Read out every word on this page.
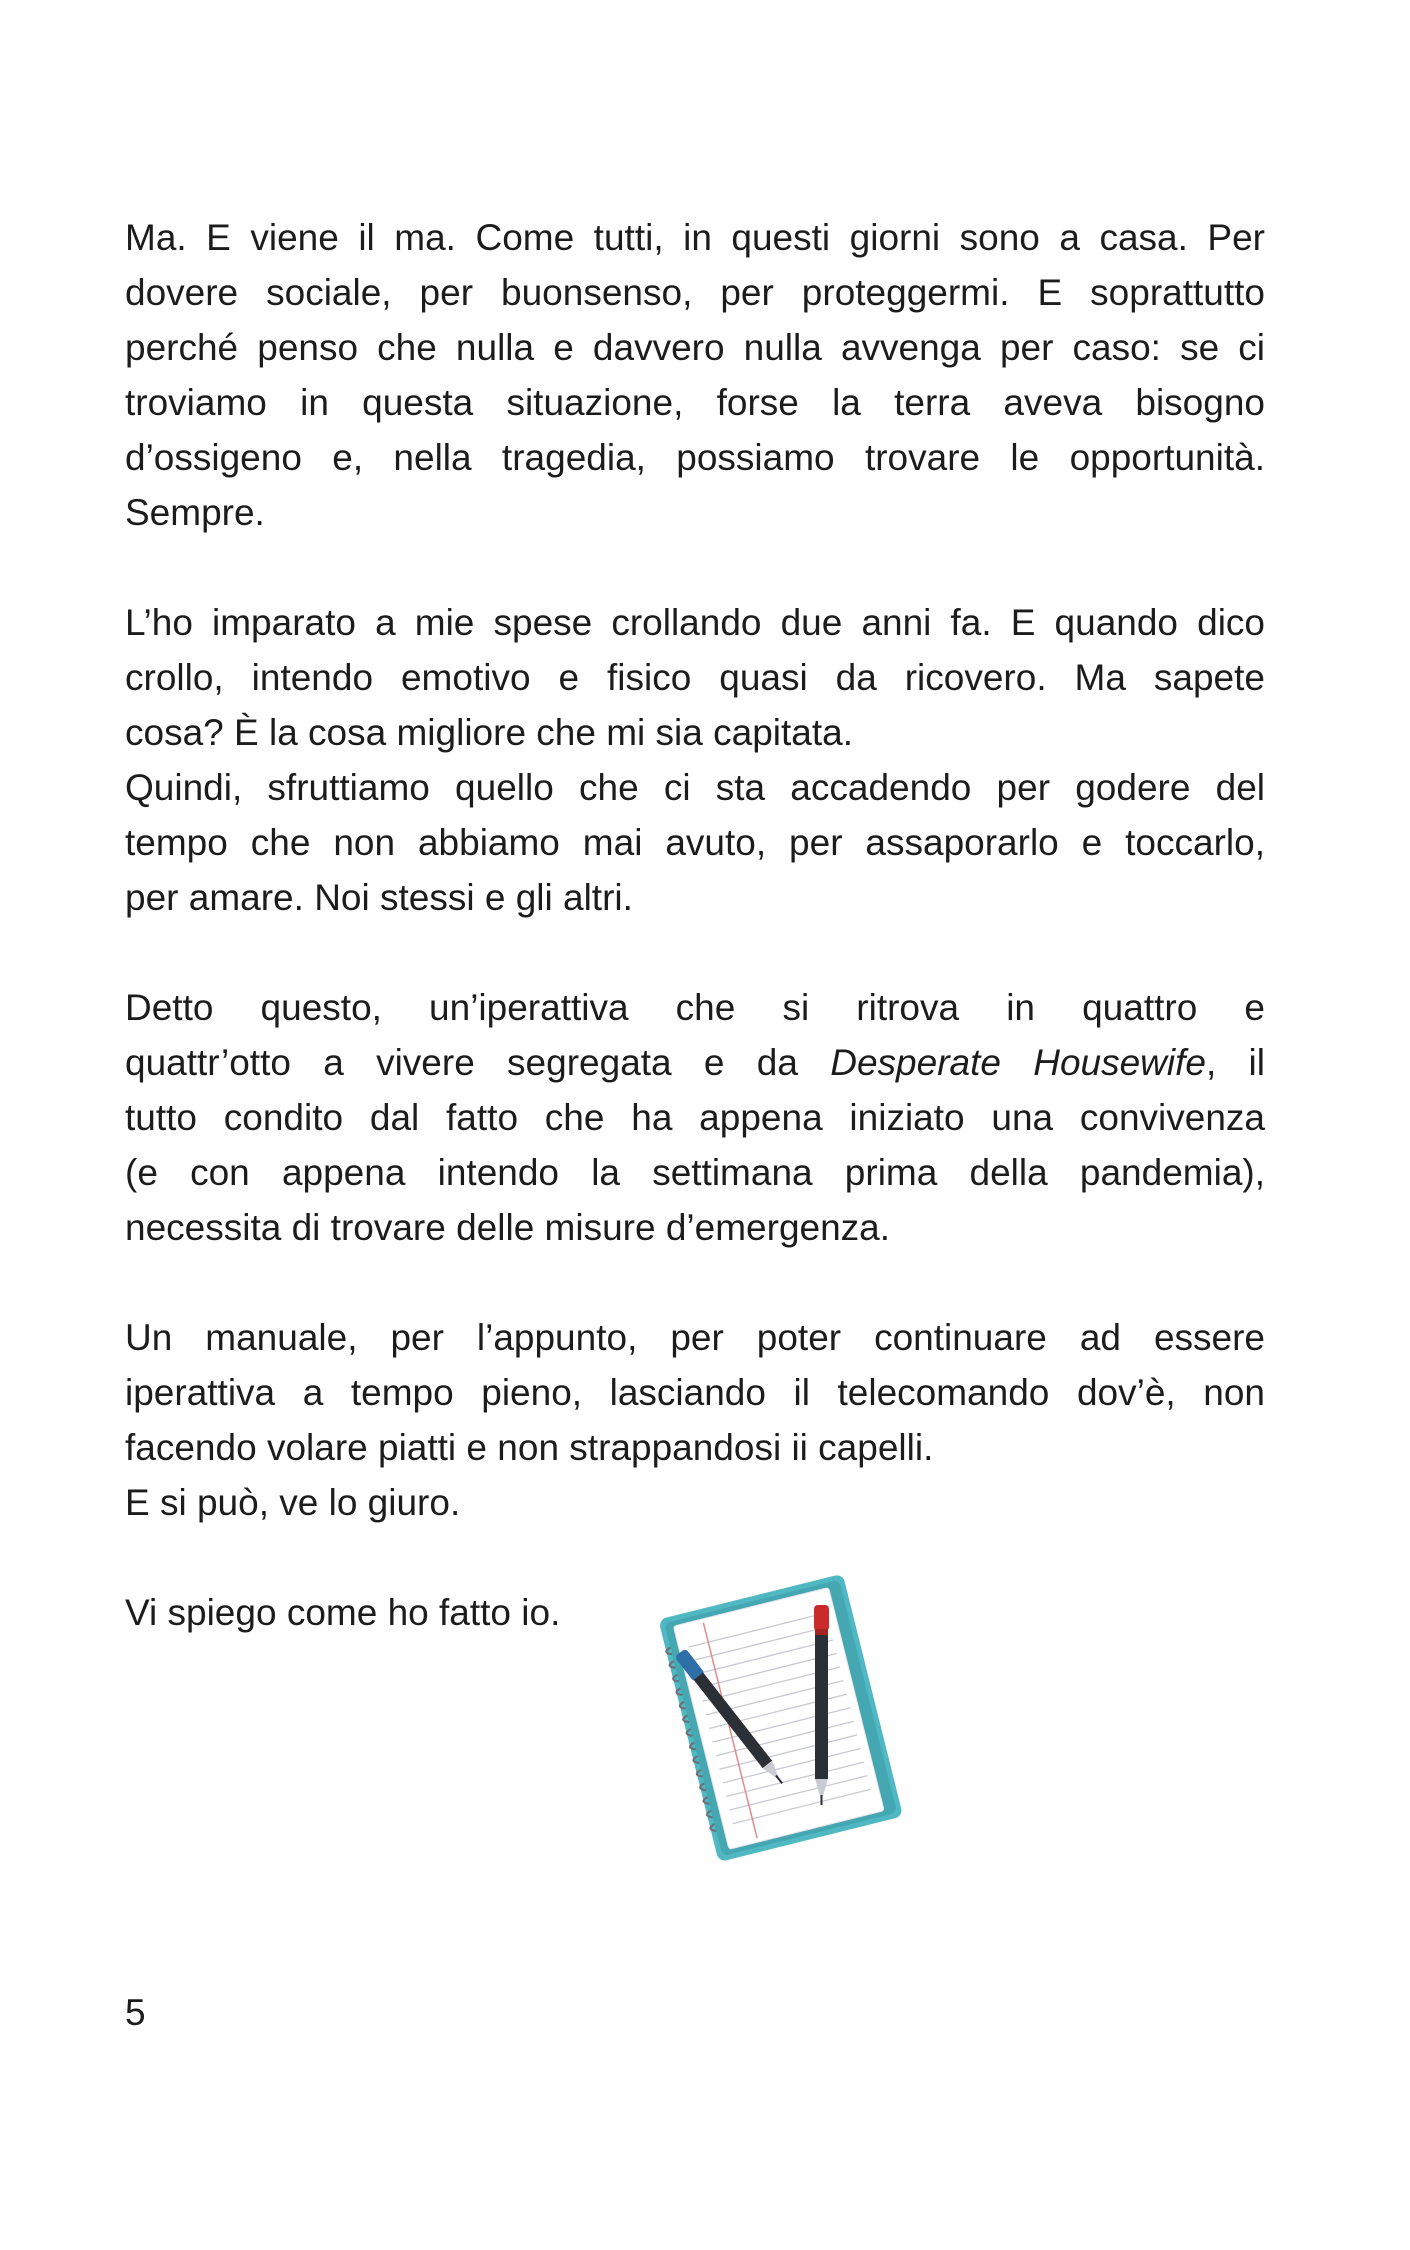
Ma. E viene il ma. Come tutti, in questi giorni sono a casa. Per
dovere sociale, per buonsenso, per proteggermi. E soprattutto
perché penso che nulla e davvero nulla avvenga per caso: se ci
troviamo in questa situazione, forse la terra aveva bisogno
d’ossigeno e, nella tragedia, possiamo trovare le opportunità.
Sempre.

L’ho imparato a mie spese crollando due anni fa. E quando dico
crollo, intendo emotivo e fisico quasi da ricovero. Ma sapete
cosa? È la cosa migliore che mi sia capitata.
Quindi, sfruttiamo quello che ci sta accadendo per godere del
tempo che non abbiamo mai avuto, per assaporarlo e toccarlo,
per amare. Noi stessi e gli altri.

Detto questo, un’iperattiva che si ritrova in quattro e
quattr’otto a vivere segregata e da Desperate Housewife, il
tutto condito dal fatto che ha appena iniziato una convivenza
(e con appena intendo la settimana prima della pandemia),
necessita di trovare delle misure d’emergenza.

Un manuale, per l’appunto, per poter continuare ad essere
iperattiva a tempo pieno, lasciando il telecomando dov’è, non
facendo volare piatti e non strappandosi ii capelli.
E si può, ve lo giuro.

Vi spiego come ho fatto io.

5
